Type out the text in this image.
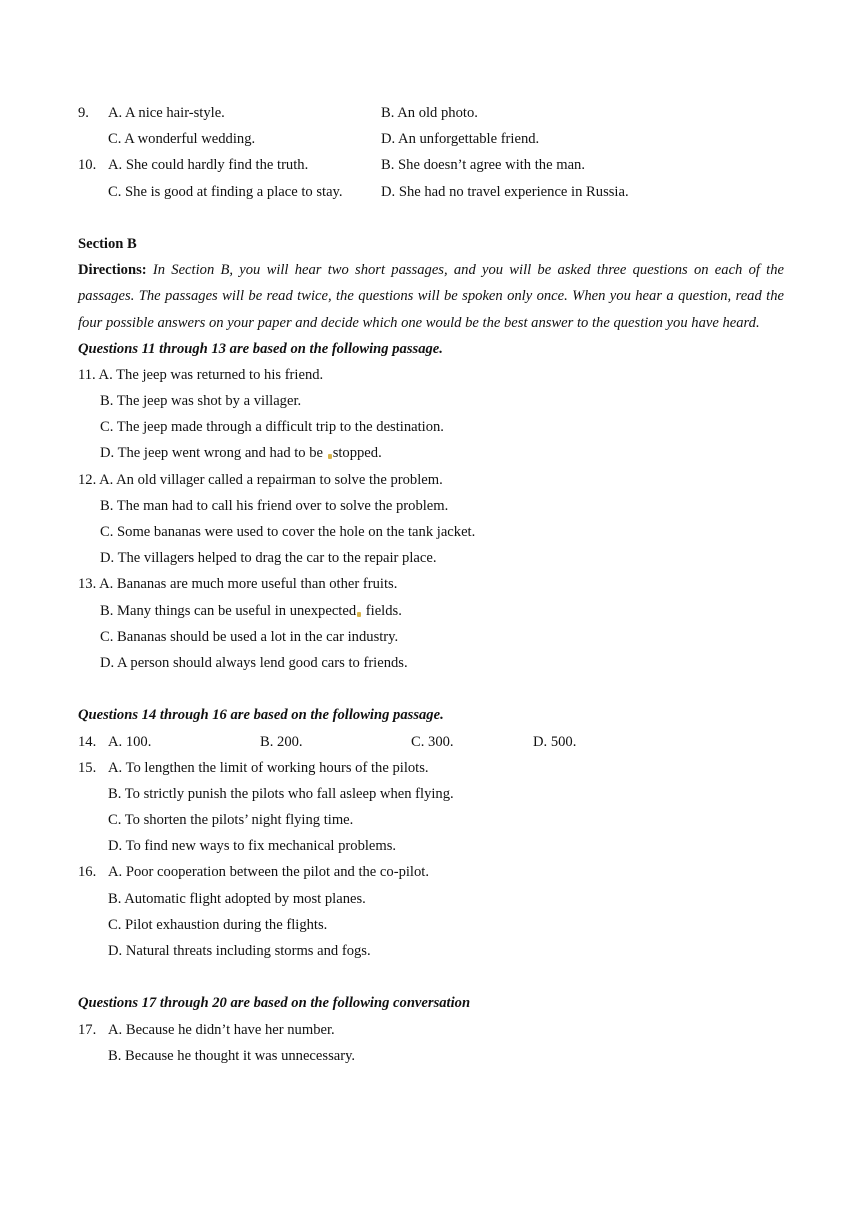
9. A. A nice hair-style.	B. An old photo.
C. A wonderful wedding.	D. An unforgettable friend.
10. A. She could hardly find the truth.	B. She doesn’t agree with the man.
C. She is good at finding a place to stay.	D. She had no travel experience in Russia.
Section B
Directions: In Section B, you will hear two short passages, and you will be asked three questions on each of the passages. The passages will be read twice, the questions will be spoken only once. When you hear a question, read the four possible answers on your paper and decide which one would be the best answer to the question you have heard.
Questions 11 through 13 are based on the following passage.
11. A. The jeep was returned to his friend.
B. The jeep was shot by a villager.
C. The jeep made through a difficult trip to the destination.
D. The jeep went wrong and had to be stopped.
12. A. An old villager called a repairman to solve the problem.
B. The man had to call his friend over to solve the problem.
C. Some bananas were used to cover the hole on the tank jacket.
D. The villagers helped to drag the car to the repair place.
13. A. Bananas are much more useful than other fruits.
B. Many things can be useful in unexpected fields.
C. Bananas should be used a lot in the car industry.
D. A person should always lend good cars to friends.
Questions 14 through 16 are based on the following passage.
14. A. 100.	B. 200.	C. 300.	D. 500.
15. A. To lengthen the limit of working hours of the pilots.
B. To strictly punish the pilots who fall asleep when flying.
C. To shorten the pilots’ night flying time.
D. To find new ways to fix mechanical problems.
16. A. Poor cooperation between the pilot and the co-pilot.
B. Automatic flight adopted by most planes.
C. Pilot exhaustion during the flights.
D. Natural threats including storms and fogs.
Questions 17 through 20 are based on the following conversation
17. A. Because he didn’t have her number.
B. Because he thought it was unnecessary.
